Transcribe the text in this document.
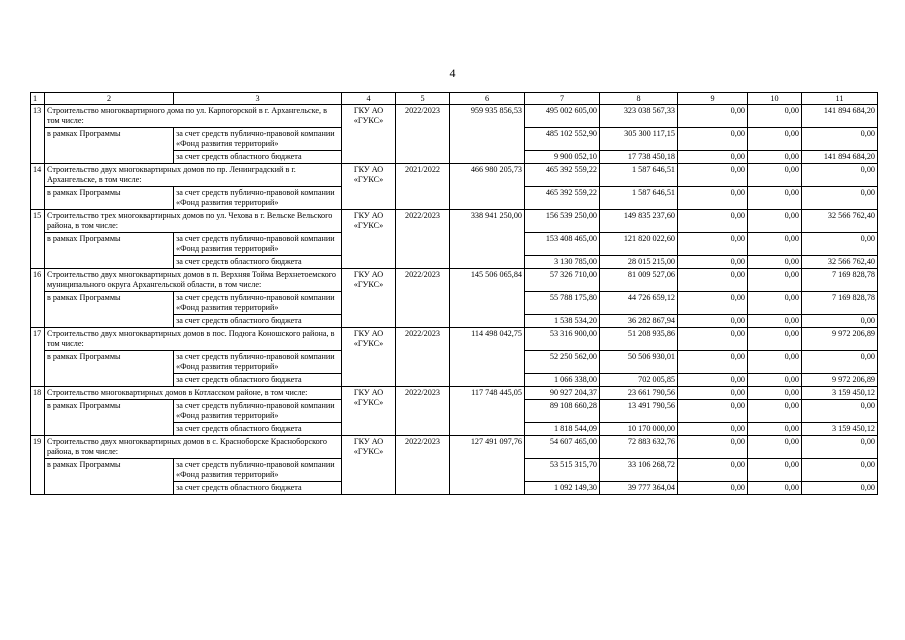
4
1	2	3	4	5	6	7	8	9	10	11
13	Строительство многоквартирного дома по ул. Карпогорской в г. Архангельске, в том числе:		ГКУ АО «ГУКС»	2022/2023	959 935 856,53	495 002 605,00	323 038 567,33	0,00	0,00	141 894 684,20
	в рамках Программы	за счет средств публично-правовой компании «Фонд развития территорий»				485 102 552,90	305 300 117,15	0,00	0,00	0,00
		за счет средств областного бюджета				9 900 052,10	17 738 450,18	0,00	0,00	141 894 684,20
14	Строительство двух многоквартирных домов по пр. Ленинградский в г. Архангельске, в том числе:		ГКУ АО «ГУКС»	2021/2022	466 980 205,73	465 392 559,22	1 587 646,51	0,00	0,00	0,00
	в рамках Программы	за счет средств публично-правовой компании «Фонд развития территорий»				465 392 559,22	1 587 646,51	0,00	0,00	0,00
15	Строительство трех многоквартирных домов по ул. Чехова в г. Вельске Вельского района, в том числе:		ГКУ АО «ГУКС»	2022/2023	338 941 250,00	156 539 250,00	149 835 237,60	0,00	0,00	32 566 762,40
	в рамках Программы	за счет средств публично-правовой компании «Фонд развития территорий»				153 408 465,00	121 820 022,60	0,00	0,00	0,00
		за счет средств областного бюджета				3 130 785,00	28 015 215,00	0,00	0,00	32 566 762,40
16	Строительство двух многоквартирных домов в п. Верхняя Тойма Верхнетоемского муниципального округа Архангельской области, в том числе:		ГКУ АО «ГУКС»	2022/2023	145 506 065,84	57 326 710,00	81 009 527,06	0,00	0,00	7 169 828,78
	в рамках Программы	за счет средств публично-правовой компании «Фонд развития территорий»				55 788 175,80	44 726 659,12	0,00	0,00	7 169 828,78
		за счет средств областного бюджета				1 538 534,20	36 282 867,94	0,00	0,00	0,00
17	Строительство двух многоквартирных домов в пос. Подюга Коношского района, в том числе:		ГКУ АО «ГУКС»	2022/2023	114 498 042,75	53 316 900,00	51 208 935,86	0,00	0,00	9 972 206,89
	в рамках Программы	за счет средств публично-правовой компании «Фонд развития территорий»				52 250 562,00	50 506 930,01	0,00	0,00	0,00
		за счет средств областного бюджета				1 066 338,00	702 005,85	0,00	0,00	9 972 206,89
18	Строительство многоквартирных домов в Котласском районе, в том числе:		ГКУ АО «ГУКС»	2022/2023	117 748 445,05	90 927 204,37	23 661 790,56	0,00	0,00	3 159 450,12
	в рамках Программы	за счет средств публично-правовой компании «Фонд развития территорий»				89 108 660,28	13 491 790,56	0,00	0,00	0,00
		за счет средств областного бюджета				1 818 544,09	10 170 000,00	0,00	0,00	3 159 450,12
19	Строительство двух многоквартирных домов в с. Красноборске Красноборского района, в том числе:		ГКУ АО «ГУКС»	2022/2023	127 491 097,76	54 607 465,00	72 883 632,76	0,00	0,00	0,00
	в рамках Программы	за счет средств публично-правовой компании «Фонд развития территорий»				53 515 315,70	33 106 268,72	0,00	0,00	0,00
		за счет средств областного бюджета				1 092 149,30	39 777 364,04	0,00	0,00	0,00
